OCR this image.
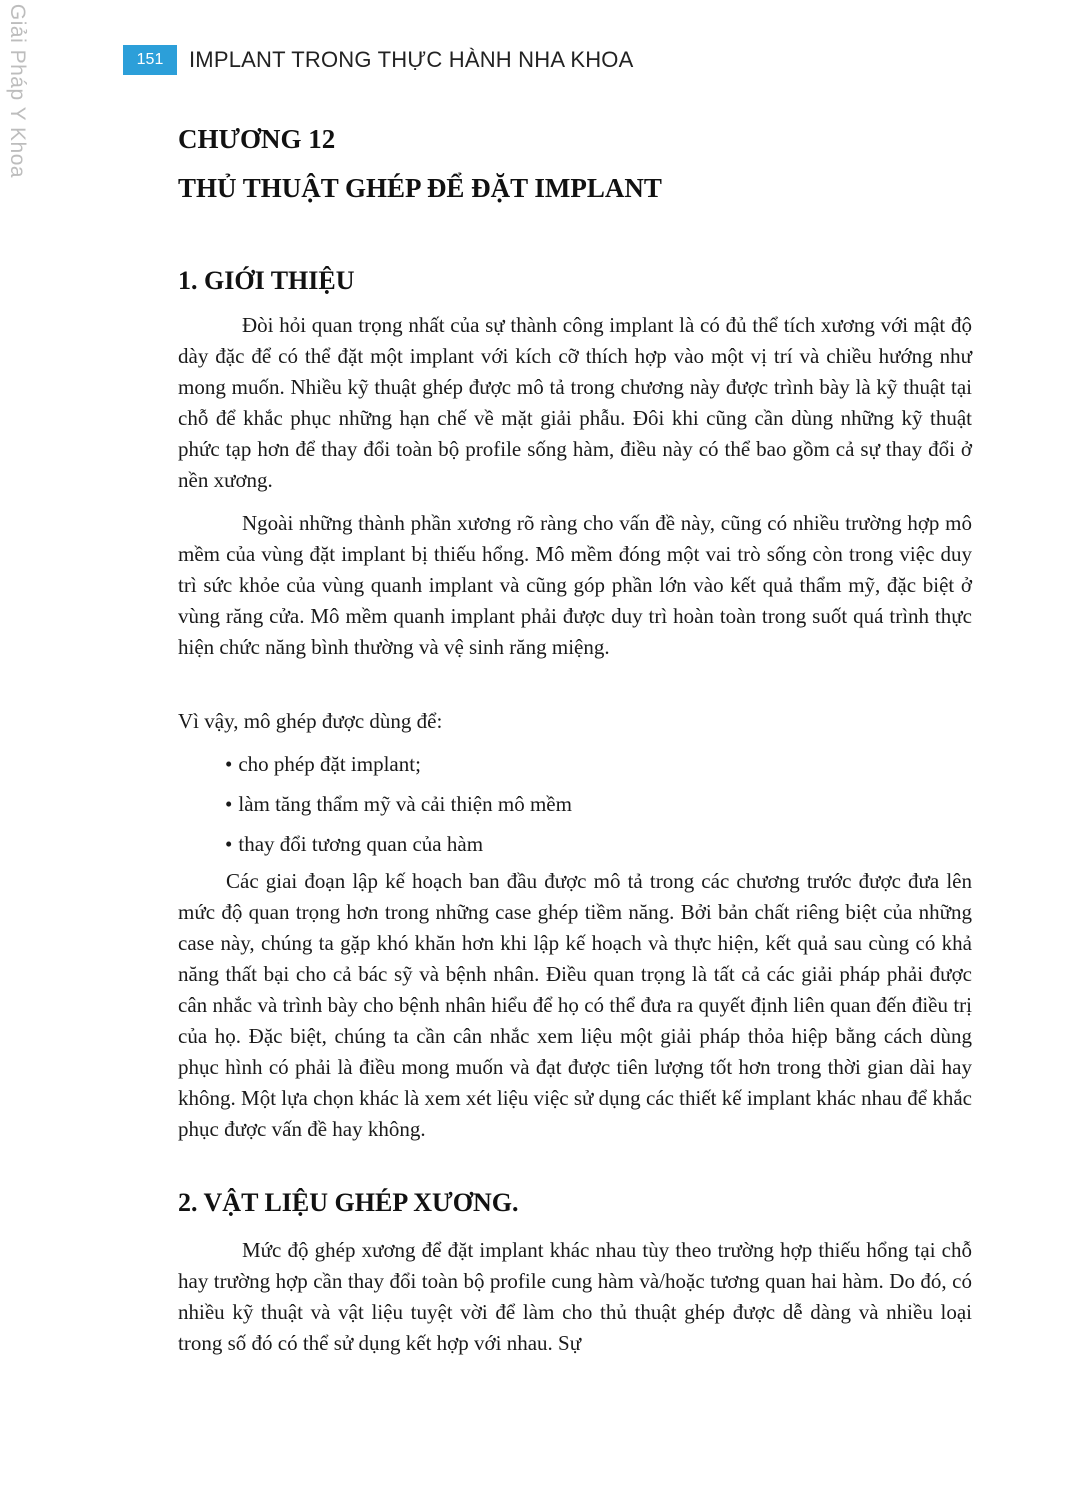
Giải Pháp Y Khoa	151	IMPLANT TRONG THỰC HÀNH NHA KHOA
CHƯƠNG 12
THỦ THUẬT GHÉP ĐỂ ĐẶT IMPLANT
1. GIỚI THIỆU

Đòi hỏi quan trọng nhất của sự thành công implant là có đủ thể tích xương với mật độ dày đặc để có thể đặt một implant với kích cỡ thích hợp vào một vị trí và chiều hướng như mong muốn. Nhiều kỹ thuật ghép được mô tả trong chương này được trình bày là kỹ thuật tại chỗ để khắc phục những hạn chế về mặt giải phẫu. Đôi khi cũng cần dùng những kỹ thuật phức tạp hơn để thay đổi toàn bộ profile sống hàm, điều này có thể bao gồm cả sự thay đổi ở nền xương.

Ngoài những thành phần xương rõ ràng cho vấn đề này, cũng có nhiều trường hợp mô mềm của vùng đặt implant bị thiếu hổng. Mô mềm đóng một vai trò sống còn trong việc duy trì sức khỏe của vùng quanh implant và cũng góp phần lớn vào kết quả thẩm mỹ, đặc biệt ở vùng răng cửa. Mô mềm quanh implant phải được duy trì hoàn toàn trong suốt quá trình thực hiện chức năng bình thường và vệ sinh răng miệng.

Vì vậy, mô ghép được dùng để:

• cho phép đặt implant;
• làm tăng thẩm mỹ và cải thiện mô mềm
• thay đổi tương quan của hàm

Các giai đoạn lập kế hoạch ban đầu được mô tả trong các chương trước được đưa lên mức độ quan trọng hơn trong những case ghép tiềm năng. Bởi bản chất riêng biệt của những case này, chúng ta gặp khó khăn hơn khi lập kế hoạch và thực hiện, kết quả sau cùng có khả năng thất bại cho cả bác sỹ và bệnh nhân. Điều quan trọng là tất cả các giải pháp phải được cân nhắc và trình bày cho bệnh nhân hiểu để họ có thể đưa ra quyết định liên quan đến điều trị của họ. Đặc biệt, chúng ta cần cân nhắc xem liệu một giải pháp thỏa hiệp bằng cách dùng phục hình có phải là điều mong muốn và đạt được tiên lượng tốt hơn trong thời gian dài hay không. Một lựa chọn khác là xem xét liệu việc sử dụng các thiết kế implant khác nhau để khắc phục được vấn đề hay không.

2. VẬT LIỆU GHÉP XƯƠNG.

Mức độ ghép xương để đặt implant khác nhau tùy theo trường hợp thiếu hổng tại chỗ hay trường hợp cần thay đổi toàn bộ profile cung hàm và/hoặc tương quan hai hàm. Do đó, có nhiều kỹ thuật và vật liệu tuyệt vời để làm cho thủ thuật ghép được dễ dàng và nhiều loại trong số đó có thể sử dụng kết hợp với nhau. Sự
